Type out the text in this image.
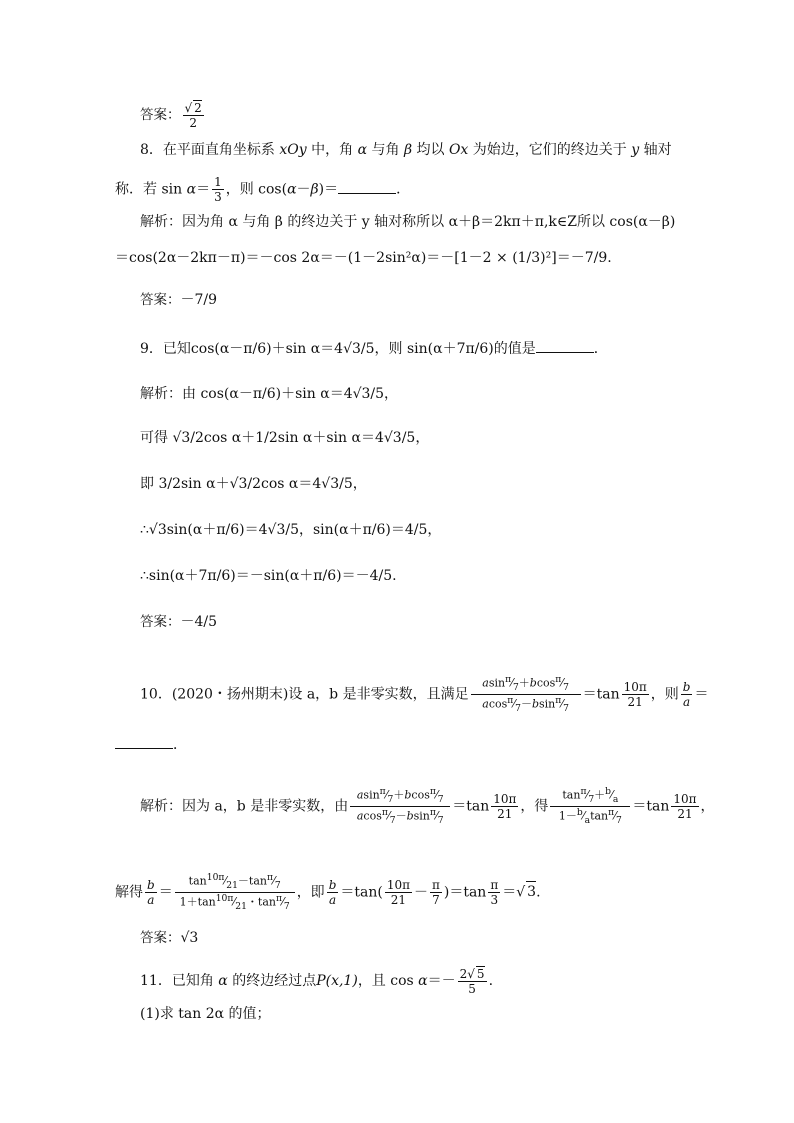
答案： $\frac{√ 2}{2}$
8．在平面直角坐标系 xOy 中，角 α 与角 β 均以 Ox 为始边，它们的终边关于 y 轴对
称．若 $\sin \alpha= \frac{1}{3}$ ，则 cos(α－β)＝	．
解析：因为角 α 与角 β 的终边关于 y 轴对称所以 α＋β＝2kπ＋π,k∈Z所以 cos(α－β)
＝cos(2α－2kπ－π)＝－cos 2α＝－(1－2sin²α)＝－[1－2 × (1/3)²]＝－7/9.
答案：－7/9
9．已知cos(α－π/6)＋sin α＝4√3/5，则 sin(α＋7π/6)的值是	．
解析：由 cos(α－π/6)＋sin α＝4√3/5，
可得 √3/2cos α＋1/2sin α＋sin α＝4√3/5，
即 3/2sin α＋√3/2cos α＝4√3/5，
∴√3sin(α＋π/6)＝4√3/5，sin(α＋π/6)＝4/5，
∴sin(α＋7π/6)＝－sin(α＋π/6)＝－4/5.
答案：－4/5
10．(2020・扬州期末)设 a，b 是非零实数，且满足 $\frac{asin^\pi⁄_7+bcos^\pi⁄_7}{acos^\pi⁄_7-bsin^\pi⁄_7} =\tan \frac{10\pi}{21}$ ，则 $\frac{b}{a}$ ＝
．
解析：因为 a，b 是非零实数，由 $\frac{asin^\pi⁄_7+bcos^\pi⁄_7}{acos^\pi⁄_7-bsin^\pi⁄_7} =\tan \frac{10\pi}{21}$ ，得 $\frac{\tan^\pi⁄_7+^b⁄_a}{1-^b⁄_a\tan^\pi⁄_7} =\tan \frac{10\pi}{21}$ ，
解得 $\frac{b}{a} = \frac{\tan^{10\pi}⁄_{21}-\tan^\pi⁄_7}{1+\tan^{10\pi}⁄_{21}・\tan^\pi⁄_7}$ ，即 $\frac{b}{a} =\tan( \frac{10\pi}{21} - \frac{\pi}{7} )=\tan \frac{\pi}{3}$ ＝√ 3.
答案：√3
11．已知角 α 的终边经过点P(x,1)，且 $\cos \alpha=- \frac{2√ 5}{5}$ .
(1)求 tan 2α 的值；
